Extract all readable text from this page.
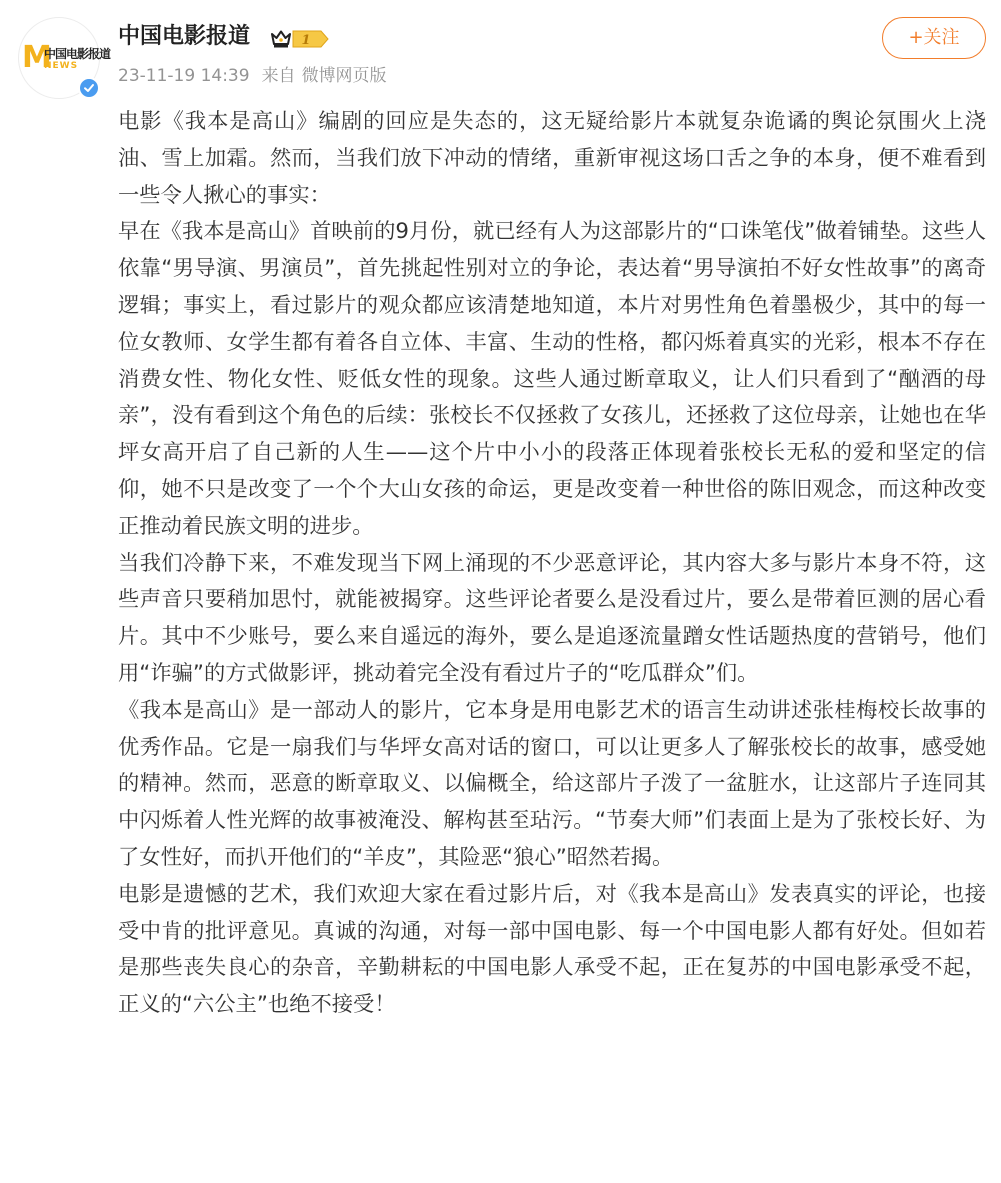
M
中国电影报道
NEWS
中国电影报道	1
23-11-19 14:39 来自 微博网页版
+关注

电影《我本是高山》编剧的回应是失态的，这无疑给影片本就复杂诡谲的舆论氛围火上浇油、雪上加霜。然而，当我们放下冲动的情绪，重新审视这场口舌之争的本身，便不难看到一些令人揪心的事实：

早在《我本是高山》首映前的9月份，就已经有人为这部影片的“口诛笔伐”做着铺垫。这些人依靠“男导演、男演员”，首先挑起性别对立的争论，表达着“男导演拍不好女性故事”的离奇逻辑；事实上，看过影片的观众都应该清楚地知道，本片对男性角色着墨极少，其中的每一位女教师、女学生都有着各自立体、丰富、生动的性格，都闪烁着真实的光彩，根本不存在消费女性、物化女性、贬低女性的现象。这些人通过断章取义，让人们只看到了“酗酒的母亲”，没有看到这个角色的后续：张校长不仅拯救了女孩儿，还拯救了这位母亲，让她也在华坪女高开启了自己新的人生——这个片中小小的段落正体现着张校长无私的爱和坚定的信仰，她不只是改变了一个个大山女孩的命运，更是改变着一种世俗的陈旧观念，而这种改变正推动着民族文明的进步。

当我们冷静下来，不难发现当下网上涌现的不少恶意评论，其内容大多与影片本身不符，这些声音只要稍加思忖，就能被揭穿。这些评论者要么是没看过片，要么是带着叵测的居心看片。其中不少账号，要么来自遥远的海外，要么是追逐流量蹭女性话题热度的营销号，他们用“诈骗”的方式做影评，挑动着完全没有看过片子的“吃瓜群众”们。

《我本是高山》是一部动人的影片，它本身是用电影艺术的语言生动讲述张桂梅校长故事的优秀作品。它是一扇我们与华坪女高对话的窗口，可以让更多人了解张校长的故事，感受她的精神。然而，恶意的断章取义、以偏概全，给这部片子泼了一盆脏水，让这部片子连同其中闪烁着人性光辉的故事被淹没、解构甚至玷污。“节奏大师”们表面上是为了张校长好、为了女性好，而扒开他们的“羊皮”，其险恶“狼心”昭然若揭。

电影是遗憾的艺术，我们欢迎大家在看过影片后，对《我本是高山》发表真实的评论，也接受中肯的批评意见。真诚的沟通，对每一部中国电影、每一个中国电影人都有好处。但如若是那些丧失良心的杂音，辛勤耕耘的中国电影人承受不起，正在复苏的中国电影承受不起，正义的“六公主”也绝不接受！
